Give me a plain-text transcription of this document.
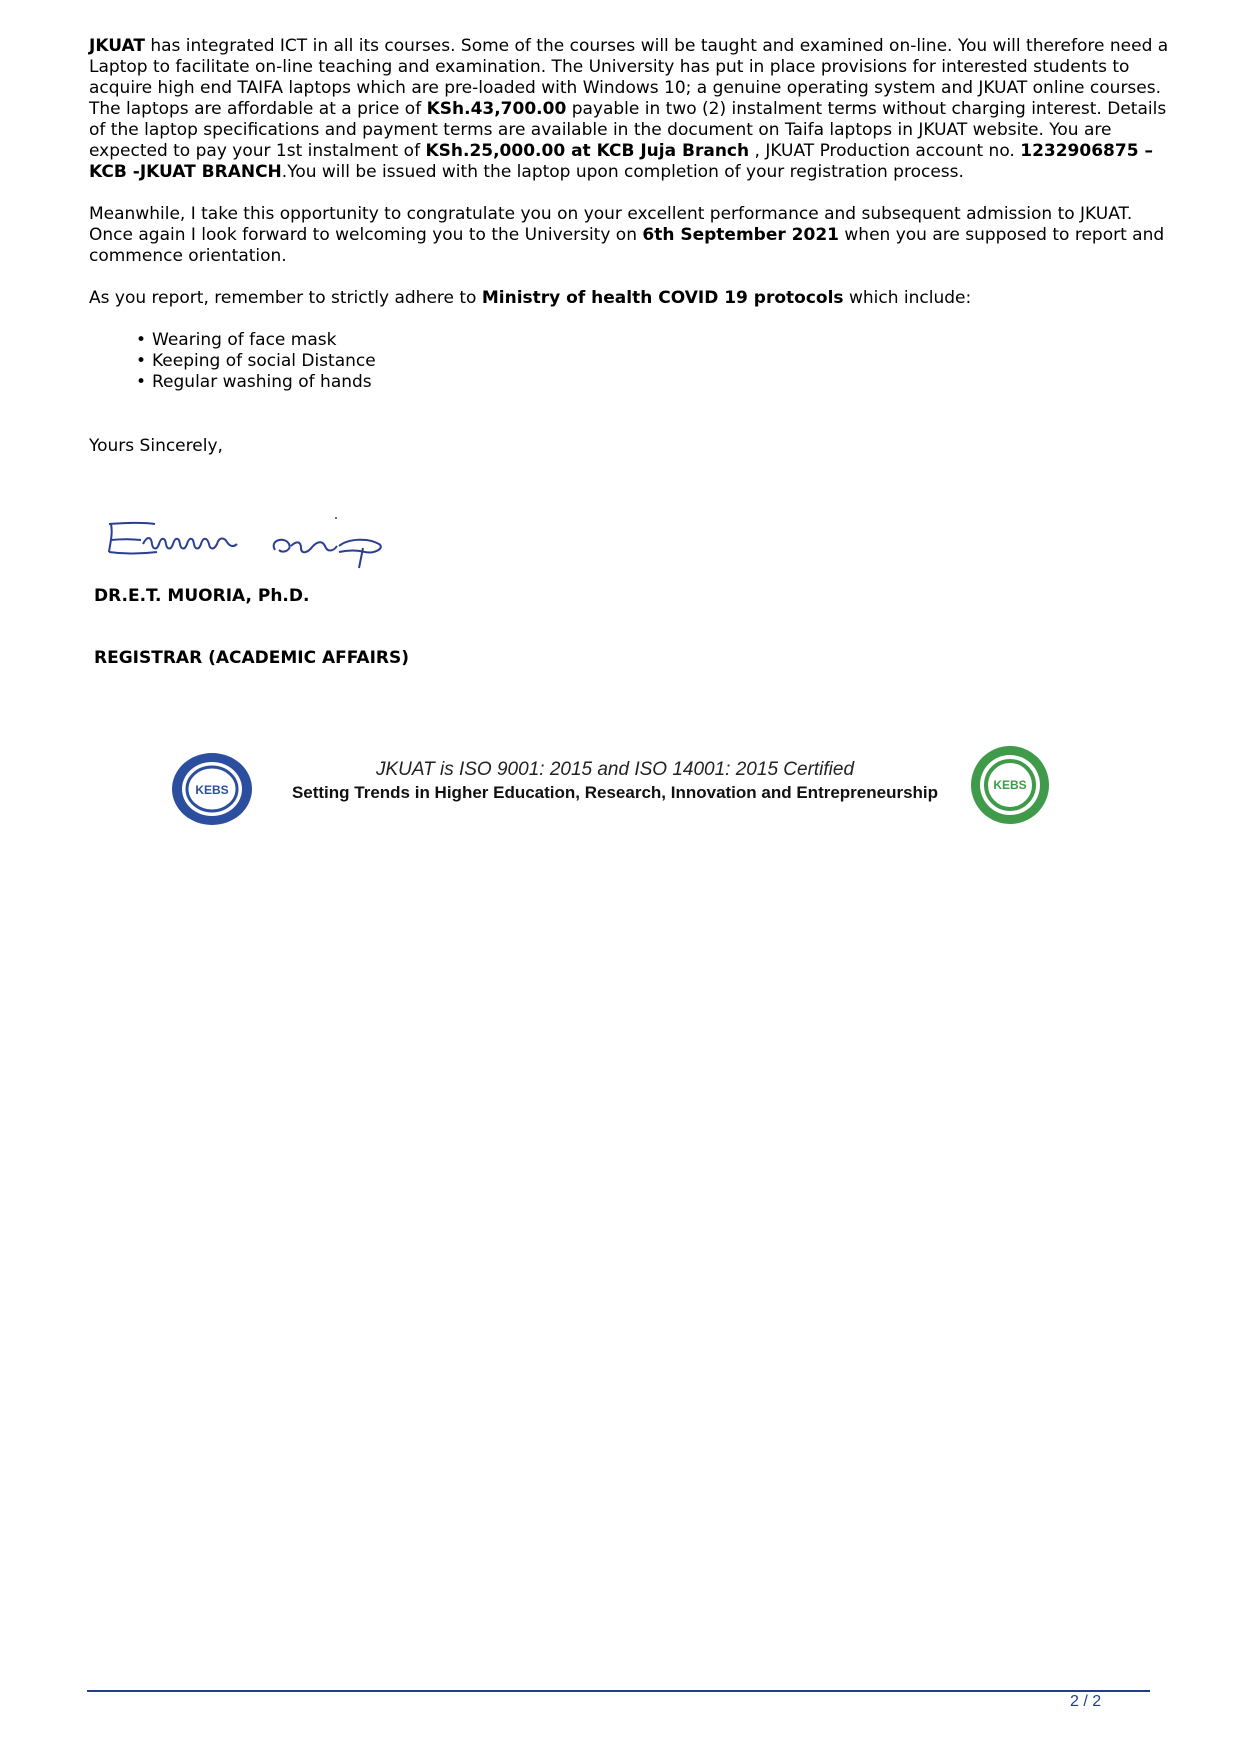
JKUAT has integrated ICT in all its courses. Some of the courses will be taught and examined on-line. You will therefore need a Laptop to facilitate on-line teaching and examination. The University has put in place provisions for interested students to acquire high end TAIFA laptops which are pre-loaded with Windows 10; a genuine operating system and JKUAT online courses. The laptops are affordable at a price of KSh.43,700.00 payable in two (2) instalment terms without charging interest. Details of the laptop specifications and payment terms are available in the document on Taifa laptops in JKUAT website. You are expected to pay your 1st instalment of KSh.25,000.00 at KCB Juja Branch , JKUAT Production account no. 1232906875 – KCB -JKUAT BRANCH.You will be issued with the laptop upon completion of your registration process.

Meanwhile, I take this opportunity to congratulate you on your excellent performance and subsequent admission to JKUAT. Once again I look forward to welcoming you to the University on 6th September 2021 when you are supposed to report and commence orientation.

As you report, remember to strictly adhere to Ministry of health COVID 19 protocols which include:

• Wearing of face mask
• Keeping of social Distance
• Regular washing of hands
Yours Sincerely,
DR.E.T. MUORIA, Ph.D.
REGISTRAR (ACADEMIC AFFAIRS)
KEBS
JKUAT is ISO 9001: 2015 and ISO 14001: 2015 Certified
Setting Trends in Higher Education, Research, Innovation and Entrepreneurship	KEBS
2 / 2
